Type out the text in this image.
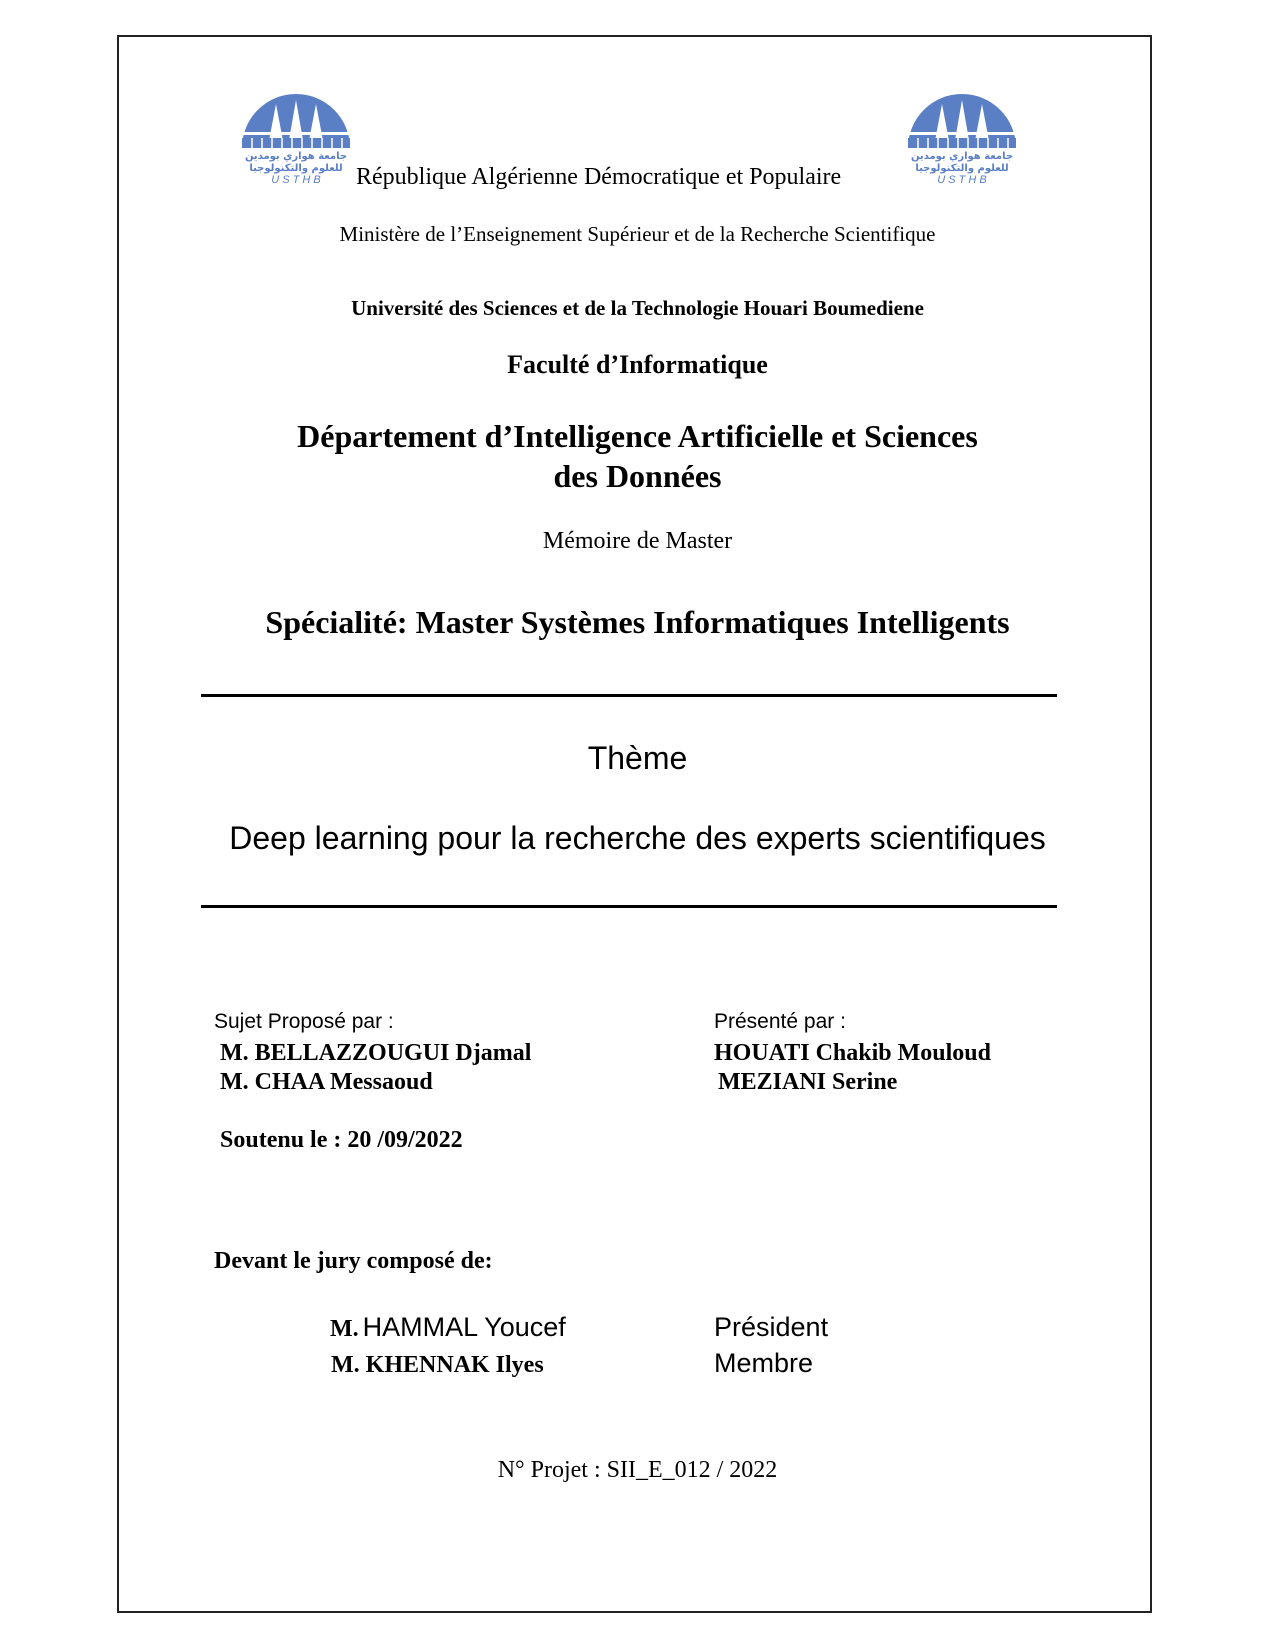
جامعة هواري بومدين
للعلوم والتكنولوجيا
U S T H B
جامعة هواري بومدين
للعلوم والتكنولوجيا
U S T H B
République Algérienne Démocratique et Populaire
Ministère de l’Enseignement Supérieur et de la Recherche Scientifique
Université des Sciences et de la Technologie Houari Boumediene
Faculté d’Informatique
Département d’Intelligence Artificielle et Sciences
des Données
Mémoire de Master
Spécialité: Master Systèmes Informatiques Intelligents
Thème
Deep learning pour la recherche des experts scientifiques
Sujet Proposé par :
M. BELLAZZOUGUI Djamal
M. CHAA Messaoud
Présenté par :
HOUATI Chakib Mouloud
MEZIANI Serine
Soutenu le : 20 /09/2022
Devant le jury composé de:
M. HAMMAL Youcef	Président
M. KHENNAK Ilyes	Membre
N° Projet : SII_E_012 / 2022
